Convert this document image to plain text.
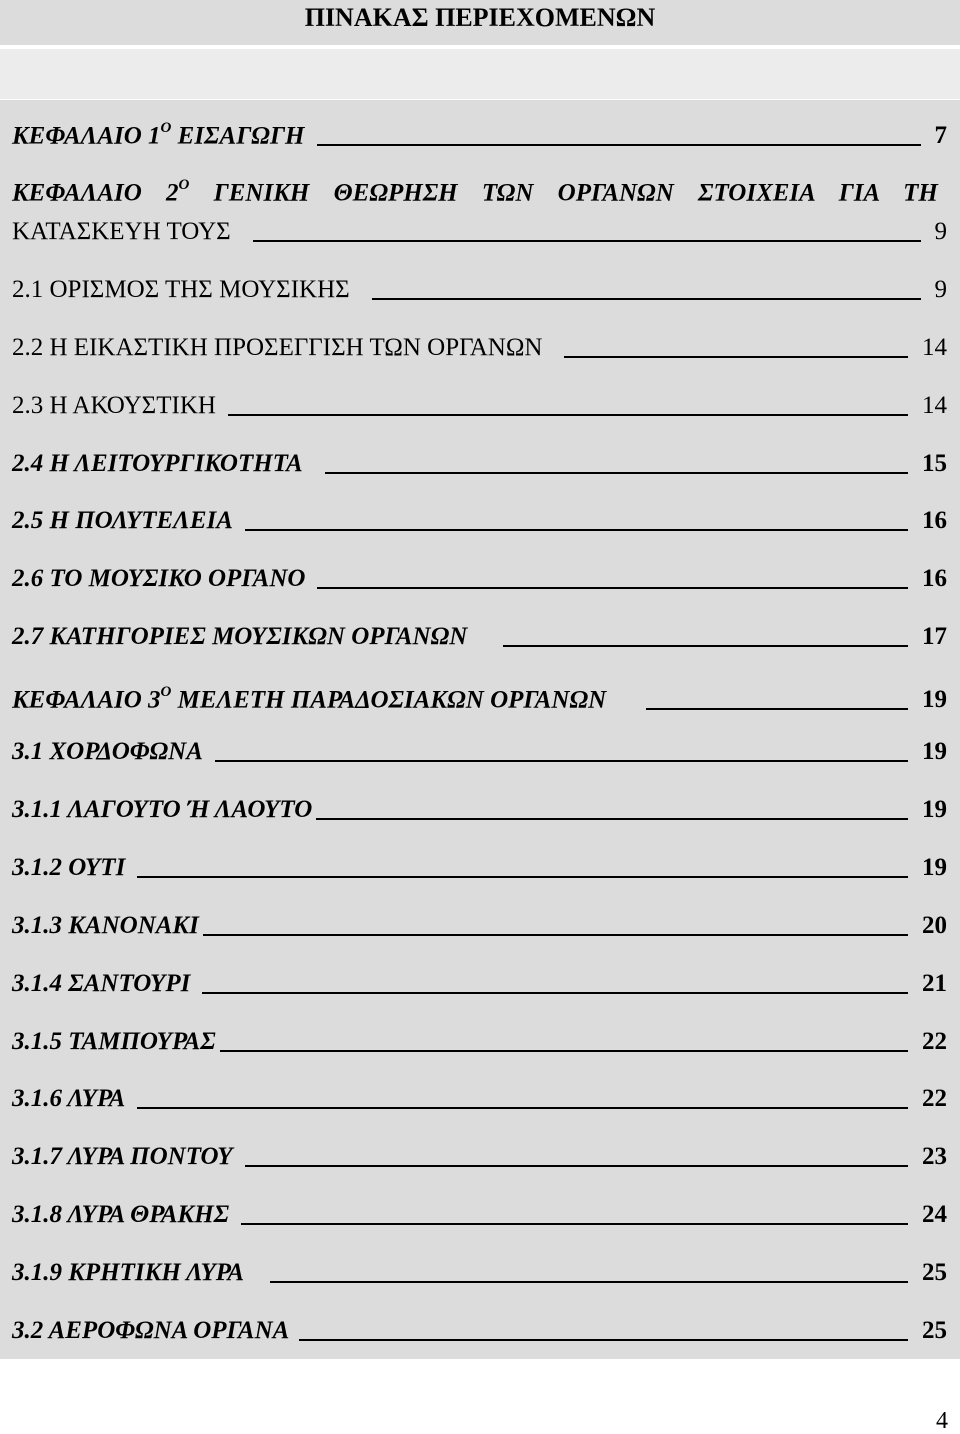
ΠΙΝΑΚΑΣ ΠΕΡΙΕΧΟΜΕΝΩΝ
ΚΕΦΑΛΑΙΟ $1^O$ ΕΙΣΑΓΩΓΗ	7
ΚΕΦΑΛΑΙΟ $2^O$ ΓΕΝΙΚΗ ΘΕΩΡΗΣΗ ΤΩΝ ΟΡΓΑΝΩΝ ΣΤΟΙΧΕΙΑ ΓΙΑ ΤΗ
ΚΑΤΑΣΚΕΥΗ ΤΟΥΣ	9
2.1 ΟΡΙΣΜΟΣ ΤΗΣ ΜΟΥΣΙΚΗΣ	9
2.2 Η ΕΙΚΑΣΤΙΚΗ ΠΡΟΣΕΓΓΙΣΗ ΤΩΝ ΟΡΓΑΝΩΝ	14
2.3 Η ΑΚΟΥΣΤΙΚΗ	14
2.4 Η ΛΕΙΤΟΥΡΓΙΚΟΤΗΤΑ	15
2.5 Η ΠΟΛΥΤΕΛΕΙΑ	16
2.6 ΤΟ ΜΟΥΣΙΚΟ ΟΡΓΑΝΟ	16
2.7 ΚΑΤΗΓΟΡΙΕΣ ΜΟΥΣΙΚΩΝ ΟΡΓΑΝΩΝ	17
ΚΕΦΑΛΑΙΟ $3^O$ ΜΕΛΕΤΗ ΠΑΡΑΔΟΣΙΑΚΩΝ ΟΡΓΑΝΩΝ	19
3.1 ΧΟΡΔΟΦΩΝΑ	19
3.1.1 ΛΑΓΟΥΤΟ Ή ΛΑΟΥΤΟ	19
3.1.2 ΟΥΤΙ	19
3.1.3 ΚΑΝΟΝΑΚΙ	20
3.1.4 ΣΑΝΤΟΥΡΙ	21
3.1.5 ΤΑΜΠΟΥΡΑΣ	22
3.1.6 ΛΥΡΑ	22
3.1.7 ΛΥΡΑ ΠΟΝΤΟΥ	23
3.1.8 ΛΥΡΑ ΘΡΑΚΗΣ	24
3.1.9 ΚΡΗΤΙΚΗ ΛΥΡΑ	25
3.2 ΑΕΡΟΦΩΝΑ ΟΡΓΑΝΑ	25
4
